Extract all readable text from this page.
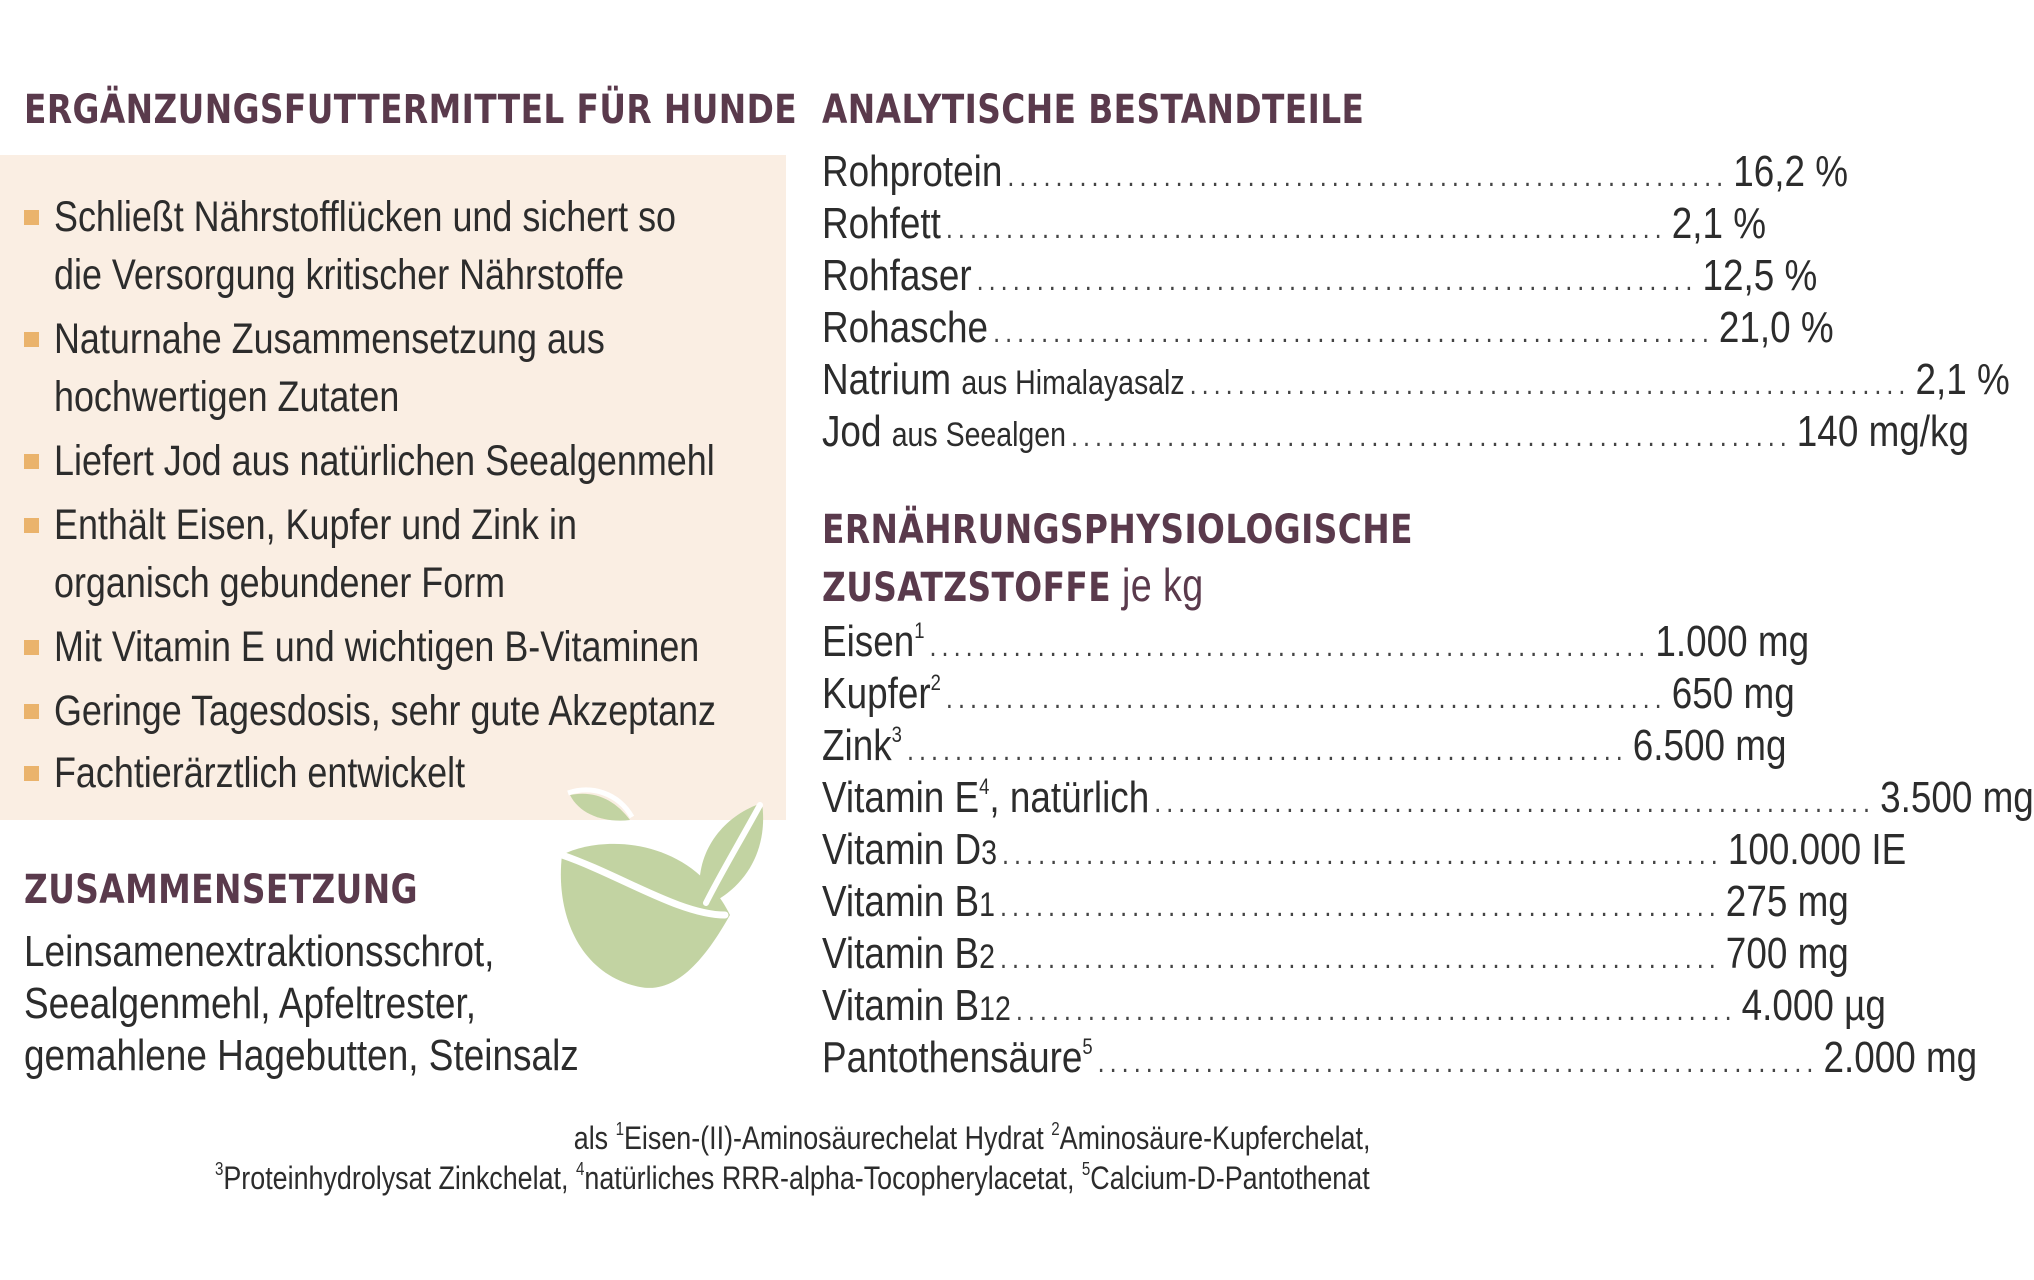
ERGÄNZUNGSFUTTERMITTEL FÜR HUNDE
Schließt Nährstofflücken und sichert so
die Versorgung kritischer Nährstoffe
Naturnahe Zusammensetzung aus
hochwertigen Zutaten
Liefert Jod aus natürlichen Seealgenmehl
Enthält Eisen, Kupfer und Zink in
organisch gebundener Form
Mit Vitamin E und wichtigen B-Vitaminen
Geringe Tagesdosis, sehr gute Akzeptanz
Fachtierärztlich entwickelt
ZUSAMMENSETZUNG
Leinsamenextraktionsschrot,
Seealgenmehl, Apfeltrester,
gemahlene Hagebutten, Steinsalz
ANALYTISCHE BESTANDTEILE
Rohprotein ............................................................ 16,2 %
Rohfett ............................................................ 2,1 %
Rohfaser ............................................................ 12,5 %
Rohasche ............................................................ 21,0 %
Natrium aus Himalayasalz ............................................................ 2,1 %
Jod aus Seealgen ............................................................ 140 mg/kg
ERNÄHRUNGSPHYSIOLOGISCHE
ZUSATZSTOFFE je kg
Eisen$^1$ ............................................................ 1.000 mg
Kupfer$^2$ ............................................................ 650 mg
Zink$^3$ ............................................................ 6.500 mg
Vitamin $E^4$, natürlich ............................................................ 3.500 mg
Vitamin D3 ............................................................ 100.000 IE
Vitamin B1 ............................................................ 275 mg
Vitamin B2 ............................................................ 700 mg
Vitamin B12 ............................................................ 4.000 µg
Pantothensäure$^5$ ............................................................ 2.000 mg
als $^1$Eisen-(II)-Aminosäurechelat Hydrat $^2$Aminosäure-Kupferchelat,
$^3$Proteinhydrolysat Zinkchelat, $^4$natürliches RRR-alpha-Tocopherylacetat, $^5$Calcium-D-Pantothenat
